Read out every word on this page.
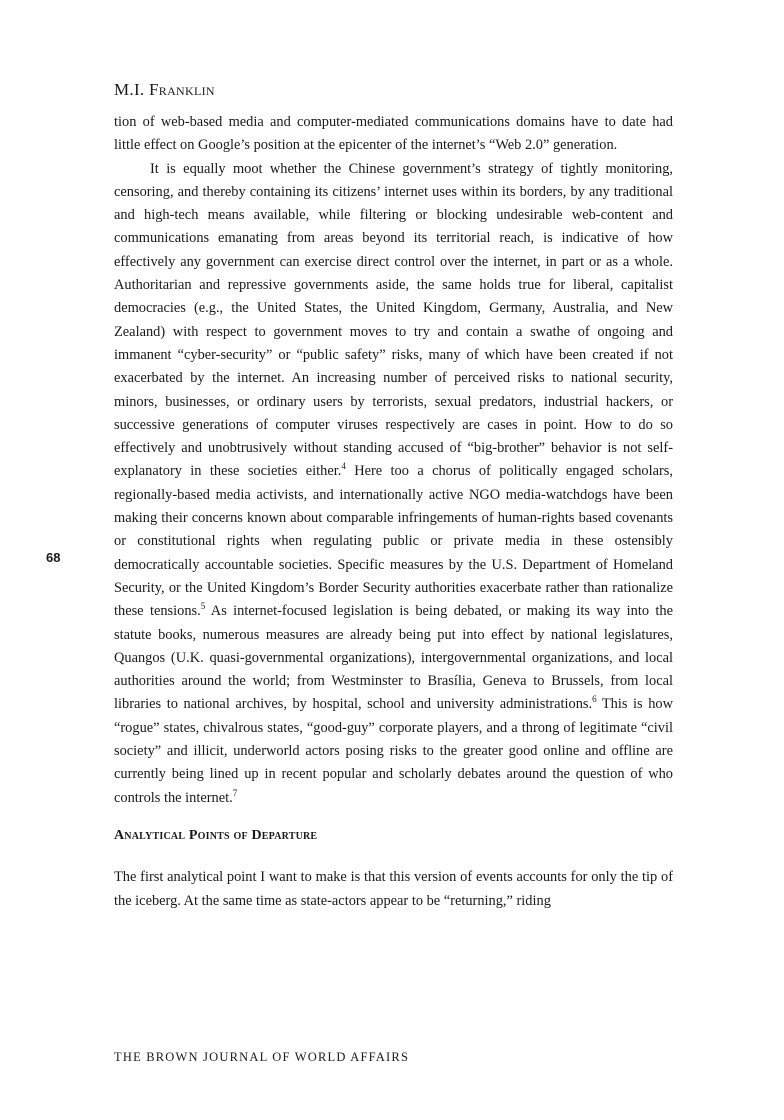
M.I. Franklin

68

tion of web-based media and computer-mediated communications domains have to date had little effect on Google’s position at the epicenter of the internet’s “Web 2.0” generation.

It is equally moot whether the Chinese government’s strategy of tightly monitoring, censoring, and thereby containing its citizens’ internet uses within its borders, by any traditional and high-tech means available, while filtering or blocking undesirable web-content and communications emanating from areas beyond its territorial reach, is indicative of how effectively any government can exercise direct control over the internet, in part or as a whole. Authoritarian and repressive governments aside, the same holds true for liberal, capitalist democracies (e.g., the United States, the United Kingdom, Germany, Australia, and New Zealand) with respect to government moves to try and contain a swathe of ongoing and immanent “cyber-security” or “public safety” risks, many of which have been created if not exacerbated by the internet. An increasing number of perceived risks to national security, minors, businesses, or ordinary users by terrorists, sexual predators, industrial hackers, or successive generations of computer viruses respectively are cases in point. How to do so effectively and unobtrusively without standing accused of “big-brother” behavior is not self-explanatory in these societies either.$^4$ Here too a chorus of politically engaged scholars, regionally-based media activists, and internationally active NGO media-watchdogs have been making their concerns known about comparable infringements of human-rights based covenants or constitutional rights when regulating public or private media in these ostensibly democratically accountable societies. Specific measures by the U.S. Department of Homeland Security, or the United Kingdom’s Border Security authorities exacerbate rather than rationalize these tensions.$^5$ As internet-focused legislation is being debated, or making its way into the statute books, numerous measures are already being put into effect by national legislatures, Quangos (U.K. quasi-governmental organizations), intergovernmental organizations, and local authorities around the world; from Westminster to Brasília, Geneva to Brussels, from local libraries to national archives, by hospital, school and university administrations.$^6$ This is how “rogue” states, chivalrous states, “good-guy” corporate players, and a throng of legitimate “civil society” and illicit, underworld actors posing risks to the greater good online and offline are currently being lined up in recent popular and scholarly debates around the question of who controls the internet.$^7$

Analytical Points of Departure

The first analytical point I want to make is that this version of events accounts for only the tip of the iceberg. At the same time as state-actors appear to be “returning,” riding

THE BROWN JOURNAL OF WORLD AFFAIRS
